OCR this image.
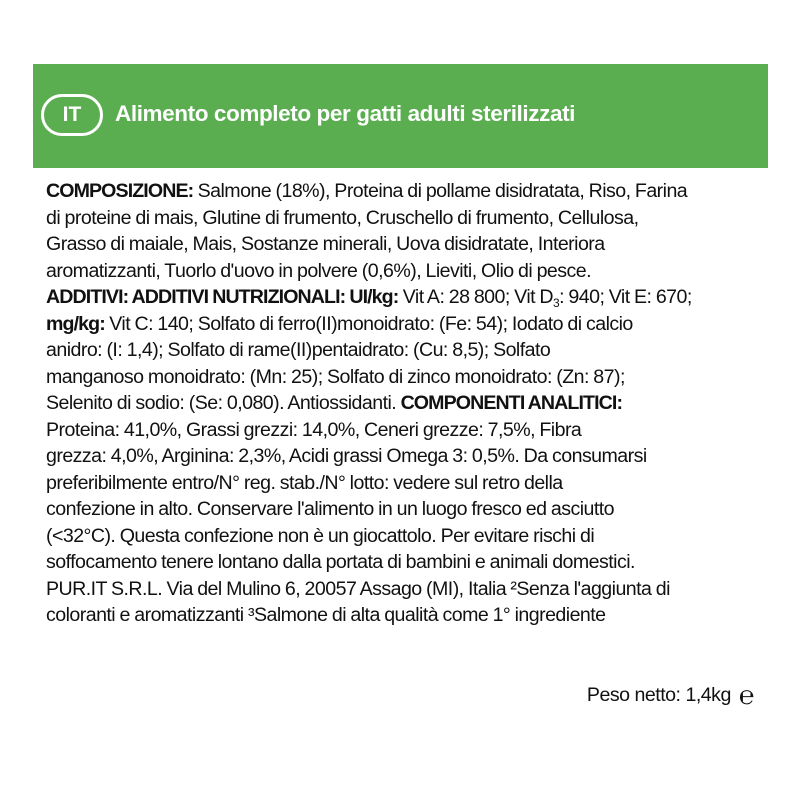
IT	Alimento completo per gatti adulti sterilizzati
COMPOSIZIONE: Salmone (18%), Proteina di pollame disidratata, Riso, Farina
di proteine di mais, Glutine di frumento, Cruschello di frumento, Cellulosa,
Grasso di maiale, Mais, Sostanze minerali, Uova disidratate, Interiora
aromatizzanti, Tuorlo d'uovo in polvere (0,6%), Lieviti, Olio di pesce.
ADDITIVI: ADDITIVI NUTRIZIONALI: UI/kg: Vit A: 28 800; Vit $D_3$: 940; Vit E: 670;
mg/kg: Vit C: 140; Solfato di ferro(II)monoidrato: (Fe: 54); Iodato di calcio
anidro: (I: 1,4); Solfato di rame(II)pentaidrato: (Cu: 8,5); Solfato
manganoso monoidrato: (Mn: 25); Solfato di zinco monoidrato: (Zn: 87);
Selenito di sodio: (Se: 0,080). Antiossidanti. COMPONENTI ANALITICI:
Proteina: 41,0%, Grassi grezzi: 14,0%, Ceneri grezze: 7,5%, Fibra
grezza: 4,0%, Arginina: 2,3%, Acidi grassi Omega 3: 0,5%. Da consumarsi
preferibilmente entro/N° reg. stab./N° lotto: vedere sul retro della
confezione in alto. Conservare l'alimento in un luogo fresco ed asciutto
(<32°C). Questa confezione non è un giocattolo. Per evitare rischi di
soffocamento tenere lontano dalla portata di bambini e animali domestici.
PUR.IT S.R.L. Via del Mulino 6, 20057 Assago (MI), Italia ²Senza l'aggiunta di
coloranti e aromatizzanti ³Salmone di alta qualità come 1° ingrediente
Peso netto: 1,4kg ℮
